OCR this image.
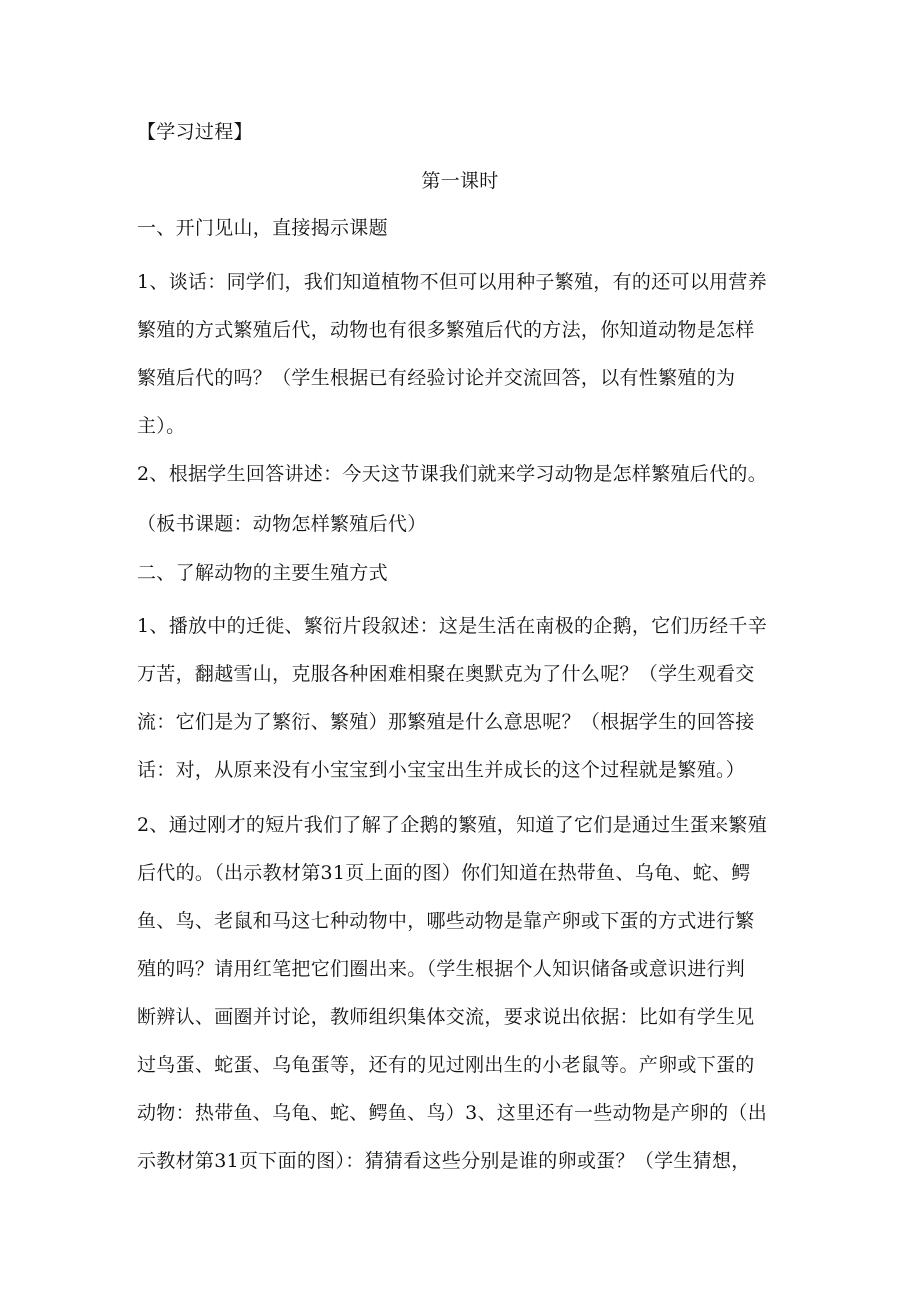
【学习过程】
第一课时
一、开门见山，直接揭示课题
1、谈话：同学们，我们知道植物不但可以用种子繁殖，有的还可以用营养
繁殖的方式繁殖后代，动物也有很多繁殖后代的方法，你知道动物是怎样
繁殖后代的吗？（学生根据已有经验讨论并交流回答，以有性繁殖的为
主）。
2、根据学生回答讲述：今天这节课我们就来学习动物是怎样繁殖后代的。
（板书课题：动物怎样繁殖后代）
二、了解动物的主要生殖方式
1、播放中的迁徙、繁衍片段叙述：这是生活在南极的企鹅，它们历经千辛
万苦，翻越雪山，克服各种困难相聚在奥默克为了什么呢？（学生观看交
流：它们是为了繁衍、繁殖）那繁殖是什么意思呢？（根据学生的回答接
话：对，从原来没有小宝宝到小宝宝出生并成长的这个过程就是繁殖。）
2、通过刚才的短片我们了解了企鹅的繁殖，知道了它们是通过生蛋来繁殖
后代的。（出示教材第31页上面的图）你们知道在热带鱼、乌龟、蛇、鳄
鱼、鸟、老鼠和马这七种动物中，哪些动物是靠产卵或下蛋的方式进行繁
殖的吗？请用红笔把它们圈出来。（学生根据个人知识储备或意识进行判
断辨认、画圈并讨论，教师组织集体交流，要求说出依据：比如有学生见
过鸟蛋、蛇蛋、乌龟蛋等，还有的见过刚出生的小老鼠等。产卵或下蛋的
动物：热带鱼、乌龟、蛇、鳄鱼、鸟）3、这里还有一些动物是产卵的（出
示教材第31页下面的图）：猜猜看这些分别是谁的卵或蛋？（学生猜想，
